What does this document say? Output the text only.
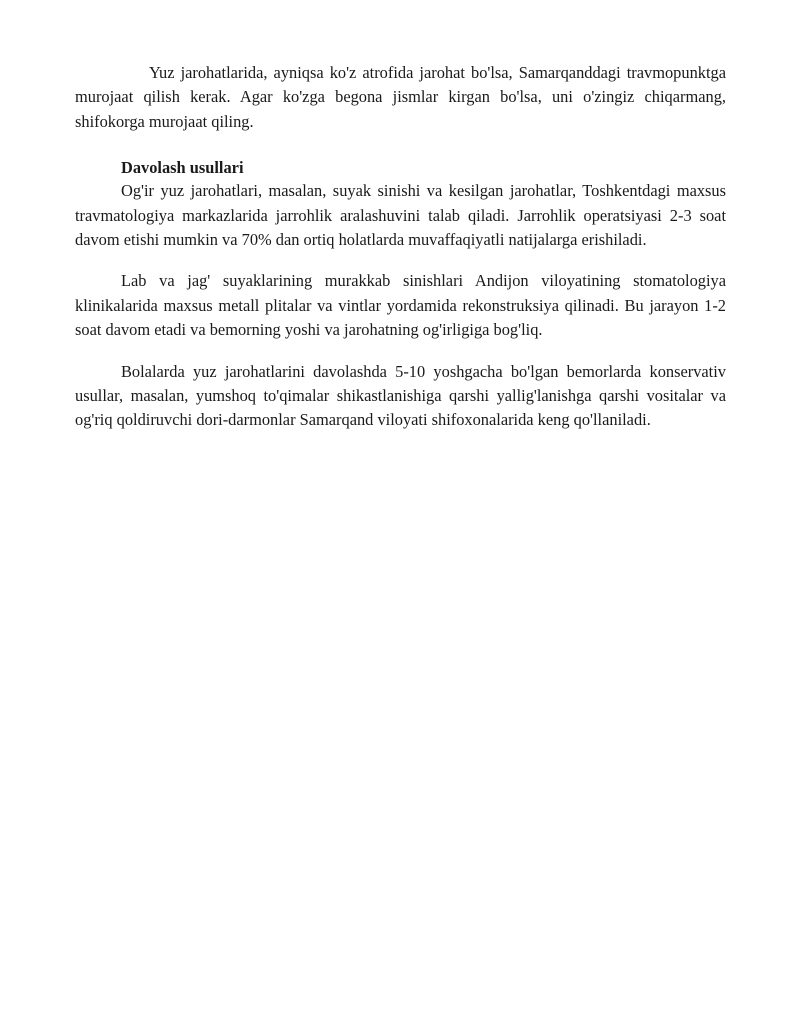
Yuz jarohatlarida, ayniqsa ko'z atrofida jarohat bo'lsa, Samarqanddagi travmopunktga murojaat qilish kerak. Agar ko'zga begona jismlar kirgan bo'lsa, uni o'zingiz chiqarmang, shifokorga murojaat qiling.

Davolash usullari

Og'ir yuz jarohatlari, masalan, suyak sinishi va kesilgan jarohatlar, Toshkentdagi maxsus travmatologiya markazlarida jarrohlik aralashuvini talab qiladi. Jarrohlik operatsiyasi 2-3 soat davom etishi mumkin va 70% dan ortiq holatlarda muvaffaqiyatli natijalarga erishiladi.

Lab va jag' suyaklarining murakkab sinishlari Andijon viloyatining stomatologiya klinikalarida maxsus metall plitalar va vintlar yordamida rekonstruksiya qilinadi. Bu jarayon 1-2 soat davom etadi va bemorning yoshi va jarohatning og'irligiga bog'liq.

Bolalarda yuz jarohatlarini davolashda 5-10 yoshgacha bo'lgan bemorlarda konservativ usullar, masalan, yumshoq to'qimalar shikastlanishiga qarshi yallig'lanishga qarshi vositalar va og'riq qoldiruvchi dori-darmonlar Samarqand viloyati shifoxonalarida keng qo'llaniladi.
